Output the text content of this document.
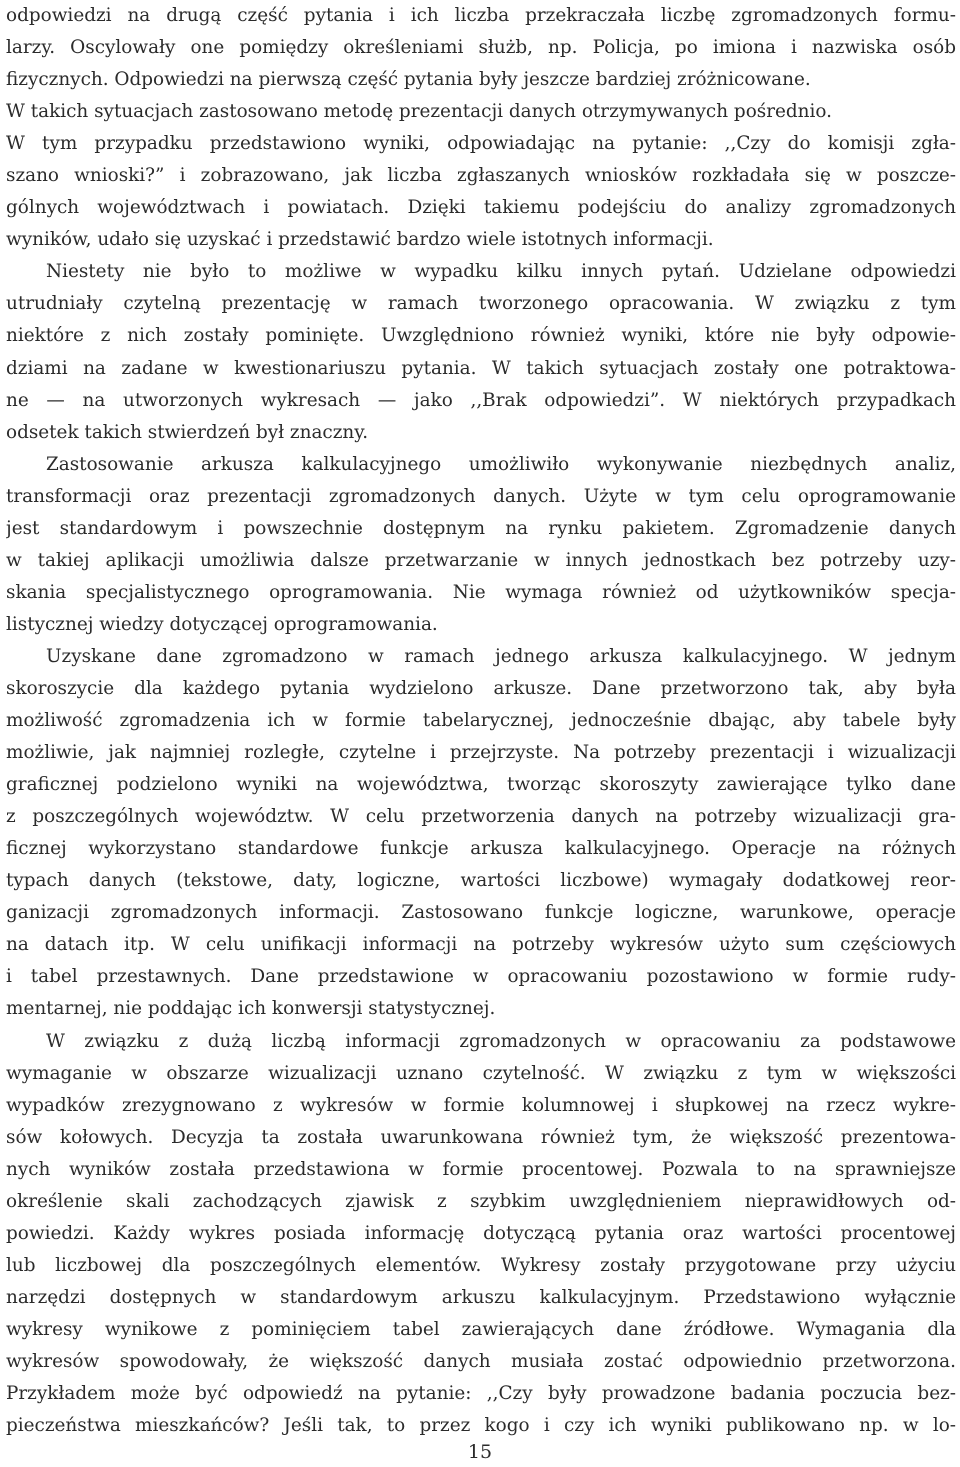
odpowiedzi na drugą część pytania i ich liczba przekraczała liczbę zgromadzonych formu-
larzy. Oscylowały one pomiędzy określeniami służb, np. Policja, po imiona i nazwiska osób
fizycznych. Odpowiedzi na pierwszą część pytania były jeszcze bardziej zróżnicowane.
W takich sytuacjach zastosowano metodę prezentacji danych otrzymywanych pośrednio.
W tym przypadku przedstawiono wyniki, odpowiadając na pytanie: ,,Czy do komisji zgła-
szano wnioski?” i zobrazowano, jak liczba zgłaszanych wniosków rozkładała się w poszcze-
gólnych województwach i powiatach. Dzięki takiemu podejściu do analizy zgromadzonych
wyników, udało się uzyskać i przedstawić bardzo wiele istotnych informacji.
Niestety nie było to możliwe w wypadku kilku innych pytań. Udzielane odpowiedzi
utrudniały czytelną prezentację w ramach tworzonego opracowania. W związku z tym
niektóre z nich zostały pominięte. Uwzględniono również wyniki, które nie były odpowie-
dziami na zadane w kwestionariuszu pytania. W takich sytuacjach zostały one potraktowa-
ne — na utworzonych wykresach — jako ,,Brak odpowiedzi”. W niektórych przypadkach
odsetek takich stwierdzeń był znaczny.
Zastosowanie arkusza kalkulacyjnego umożliwiło wykonywanie niezbędnych analiz,
transformacji oraz prezentacji zgromadzonych danych. Użyte w tym celu oprogramowanie
jest standardowym i powszechnie dostępnym na rynku pakietem. Zgromadzenie danych
w takiej aplikacji umożliwia dalsze przetwarzanie w innych jednostkach bez potrzeby uzy-
skania specjalistycznego oprogramowania. Nie wymaga również od użytkowników specja-
listycznej wiedzy dotyczącej oprogramowania.
Uzyskane dane zgromadzono w ramach jednego arkusza kalkulacyjnego. W jednym
skoroszycie dla każdego pytania wydzielono arkusze. Dane przetworzono tak, aby była
możliwość zgromadzenia ich w formie tabelarycznej, jednocześnie dbając, aby tabele były
możliwie, jak najmniej rozległe, czytelne i przejrzyste. Na potrzeby prezentacji i wizualizacji
graficznej podzielono wyniki na województwa, tworząc skoroszyty zawierające tylko dane
z poszczególnych województw. W celu przetworzenia danych na potrzeby wizualizacji gra-
ficznej wykorzystano standardowe funkcje arkusza kalkulacyjnego. Operacje na różnych
typach danych (tekstowe, daty, logiczne, wartości liczbowe) wymagały dodatkowej reor-
ganizacji zgromadzonych informacji. Zastosowano funkcje logiczne, warunkowe, operacje
na datach itp. W celu unifikacji informacji na potrzeby wykresów użyto sum częściowych
i tabel przestawnych. Dane przedstawione w opracowaniu pozostawiono w formie rudy-
mentarnej, nie poddając ich konwersji statystycznej.
W związku z dużą liczbą informacji zgromadzonych w opracowaniu za podstawowe
wymaganie w obszarze wizualizacji uznano czytelność. W związku z tym w większości
wypadków zrezygnowano z wykresów w formie kolumnowej i słupkowej na rzecz wykre-
sów kołowych. Decyzja ta została uwarunkowana również tym, że większość prezentowa-
nych wyników została przedstawiona w formie procentowej. Pozwala to na sprawniejsze
określenie skali zachodzących zjawisk z szybkim uwzględnieniem nieprawidłowych od-
powiedzi. Każdy wykres posiada informację dotyczącą pytania oraz wartości procentowej
lub liczbowej dla poszczególnych elementów. Wykresy zostały przygotowane przy użyciu
narzędzi dostępnych w standardowym arkuszu kalkulacyjnym. Przedstawiono wyłącznie
wykresy wynikowe z pominięciem tabel zawierających dane źródłowe. Wymagania dla
wykresów spowodowały, że większość danych musiała zostać odpowiednio przetworzona.
Przykładem może być odpowiedź na pytanie: ,,Czy były prowadzone badania poczucia bez-
pieczeństwa mieszkańców? Jeśli tak, to przez kogo i czy ich wyniki publikowano np. w lo-
15
